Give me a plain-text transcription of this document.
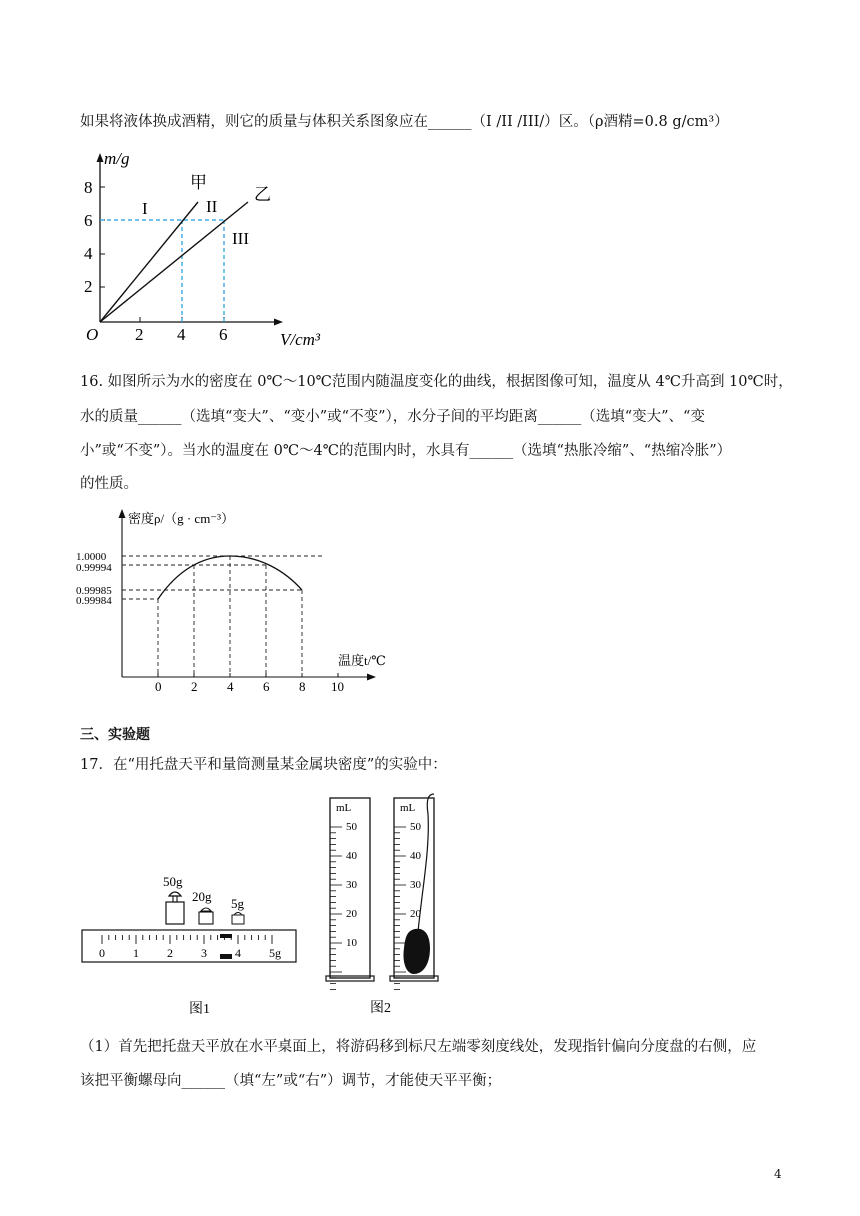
如果将液体换成酒精，则它的质量与体积关系图象应在______（I /II /III/）区。（ρ酒精=0.8 g/cm³）
m/g
O
2
4
6
8
2 4 6	V/cm³
甲
乙
I	II
III
16. 如图所示为水的密度在 0℃～10℃范围内随温度变化的曲线，根据图像可知，温度从 4℃升高到 10℃时，
水的质量______（选填“变大”、“变小”或“不变”），水分子间的平均距离______（选填“变大”、“变
小”或“不变”）。当水的温度在 0℃～4℃的范围内时，水具有______（选填“热胀冷缩”、“热缩冷胀”）
的性质。
密度ρ/（g · cm⁻³）
1.0000
0.99994
0.99985
0.99984
0 2 4 6 8 10
温度t/℃
三、实验题
17．在“用托盘天平和量筒测量某金属块密度”的实验中：
50g
20g 5g
0 1 2 3 4 5g
图1
mL
50
40
30
20
10
mL
50
40
30
20
图2
（1）首先把托盘天平放在水平桌面上，将游码移到标尺左端零刻度线处，发现指针偏向分度盘的右侧，应
该把平衡螺母向______（填“左”或“右”）调节，才能使天平平衡；
4
